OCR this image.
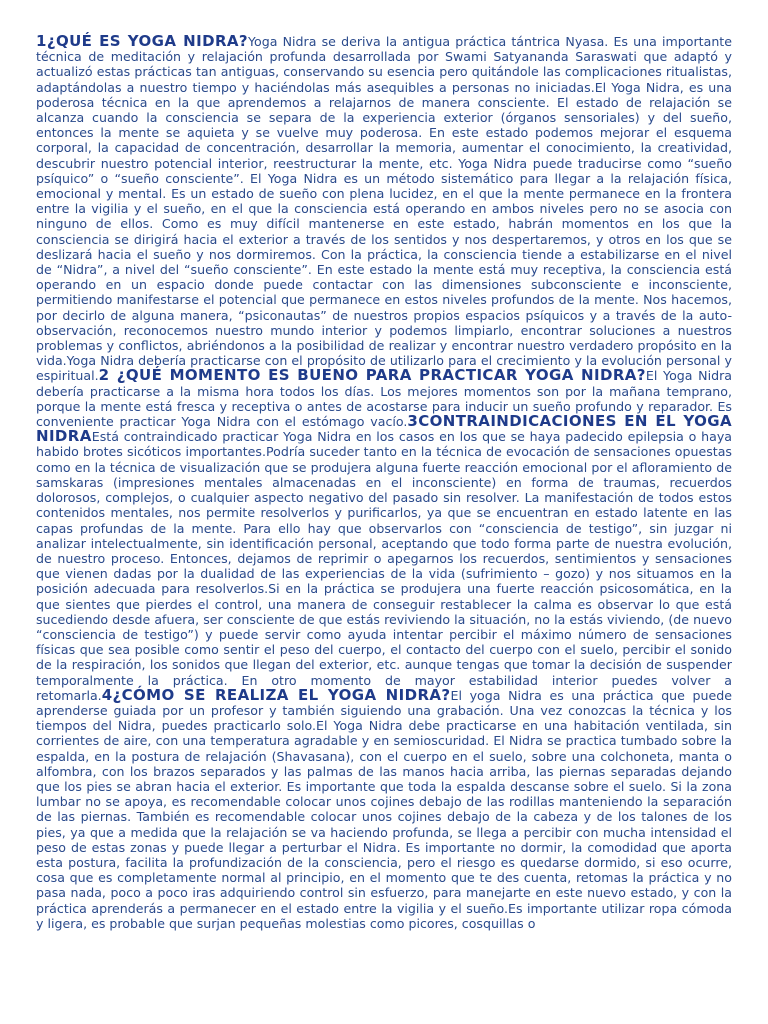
1¿QUÉ ES YOGA NIDRA?Yoga Nidra se deriva la antigua práctica tántrica Nyasa. Es una importante técnica de meditación y relajación profunda desarrollada por Swami Satyananda Saraswati que adaptó y actualizó estas prácticas tan antiguas, conservando su esencia pero quitándole las complicaciones ritualistas, adaptándolas a nuestro tiempo y haciéndolas más asequibles a personas no iniciadas.El Yoga Nidra, es una poderosa técnica en la que aprendemos a relajarnos de manera consciente. El estado de relajación se alcanza cuando la consciencia se separa de la experiencia exterior (órganos sensoriales) y del sueño, entonces la mente se aquieta y se vuelve muy poderosa. En este estado podemos mejorar el esquema corporal, la capacidad de concentración, desarrollar la memoria, aumentar el conocimiento, la creatividad, descubrir nuestro potencial interior, reestructurar la mente, etc. Yoga Nidra puede traducirse como “sueño psíquico” o “sueño consciente”. El Yoga Nidra es un método sistemático para llegar a la relajación física, emocional y mental. Es un estado de sueño con plena lucidez, en el que la mente permanece en la frontera entre la vigilia y el sueño, en el que la consciencia está operando en ambos niveles pero no se asocia con ninguno de ellos. Como es muy difícil mantenerse en este estado, habrán momentos en los que la consciencia se dirigirá hacia el exterior a través de los sentidos y nos despertaremos, y otros en los que se deslizará hacia el sueño y nos dormiremos. Con la práctica, la consciencia tiende a estabilizarse en el nivel de “Nidra”, a nivel del “sueño consciente”. En este estado la mente está muy receptiva, la consciencia está operando en un espacio donde puede contactar con las dimensiones subconsciente e inconsciente, permitiendo manifestarse el potencial que permanece en estos niveles profundos de la mente. Nos hacemos, por decirlo de alguna manera, “psiconautas” de nuestros propios espacios psíquicos y a través de la auto-observación, reconocemos nuestro mundo interior y podemos limpiarlo, encontrar soluciones a nuestros problemas y conflictos, abriéndonos a la posibilidad de realizar y encontrar nuestro verdadero propósito en la vida.Yoga Nidra debería practicarse con el propósito de utilizarlo para el crecimiento y la evolución personal y espiritual.2 ¿QUÉ MOMENTO ES BUENO PARA PRACTICAR YOGA NIDRA?El Yoga Nidra debería practicarse a la misma hora todos los días. Los mejores momentos son por la mañana temprano, porque la mente está fresca y receptiva o antes de acostarse para inducir un sueño profundo y reparador. Es conveniente practicar Yoga Nidra con el estómago vacío.3CONTRAINDICACIONES EN EL YOGA NIDRAEstá contraindicado practicar Yoga Nidra en los casos en los que se haya padecido epilepsia o haya habido brotes sicóticos importantes.Podría suceder tanto en la técnica de evocación de sensaciones opuestas como en la técnica de visualización que se produjera alguna fuerte reacción emocional por el afloramiento de samskaras (impresiones mentales almacenadas en el inconsciente) en forma de traumas, recuerdos dolorosos, complejos, o cualquier aspecto negativo del pasado sin resolver. La manifestación de todos estos contenidos mentales, nos permite resolverlos y purificarlos, ya que se encuentran en estado latente en las capas profundas de la mente. Para ello hay que observarlos con “consciencia de testigo”, sin juzgar ni analizar intelectualmente, sin identificación personal, aceptando que todo forma parte de nuestra evolución, de nuestro proceso. Entonces, dejamos de reprimir o apegarnos los recuerdos, sentimientos y sensaciones que vienen dadas por la dualidad de las experiencias de la vida (sufrimiento – gozo) y nos situamos en la posición adecuada para resolverlos.Si en la práctica se produjera una fuerte reacción psicosomática, en la que sientes que pierdes el control, una manera de conseguir restablecer la calma es observar lo que está sucediendo desde afuera, ser consciente de que estás reviviendo la situación, no la estás viviendo, (de nuevo “consciencia de testigo”) y puede servir como ayuda intentar percibir el máximo número de sensaciones físicas que sea posible como sentir el peso del cuerpo, el contacto del cuerpo con el suelo, percibir el sonido de la respiración, los sonidos que llegan del exterior, etc. aunque tengas que tomar la decisión de suspender temporalmente la práctica. En otro momento de mayor estabilidad interior puedes volver a retomarla.4¿CÓMO SE REALIZA EL YOGA NIDRA?El yoga Nidra es una práctica que puede aprenderse guiada por un profesor y también siguiendo una grabación. Una vez conozcas la técnica y los tiempos del Nidra, puedes practicarlo solo.El Yoga Nidra debe practicarse en una habitación ventilada, sin corrientes de aire, con una temperatura agradable y en semioscuridad. El Nidra se practica tumbado sobre la espalda, en la postura de relajación (Shavasana), con el cuerpo en el suelo, sobre una colchoneta, manta o alfombra, con los brazos separados y las palmas de las manos hacia arriba, las piernas separadas dejando que los pies se abran hacia el exterior. Es importante que toda la espalda descanse sobre el suelo. Si la zona lumbar no se apoya, es recomendable colocar unos cojines debajo de las rodillas manteniendo la separación de las piernas. También es recomendable colocar unos cojines debajo de la cabeza y de los talones de los pies, ya que a medida que la relajación se va haciendo profunda, se llega a percibir con mucha intensidad el peso de estas zonas y puede llegar a perturbar el Nidra. Es importante no dormir, la comodidad que aporta esta postura, facilita la profundización de la consciencia, pero el riesgo es quedarse dormido, si eso ocurre, cosa que es completamente normal al principio, en el momento que te des cuenta, retomas la práctica y no pasa nada, poco a poco iras adquiriendo control sin esfuerzo, para manejarte en este nuevo estado, y con la práctica aprenderás a permanecer en el estado entre la vigilia y el sueño.Es importante utilizar ropa cómoda y ligera, es probable que surjan pequeñas molestias como picores, cosquillas o
